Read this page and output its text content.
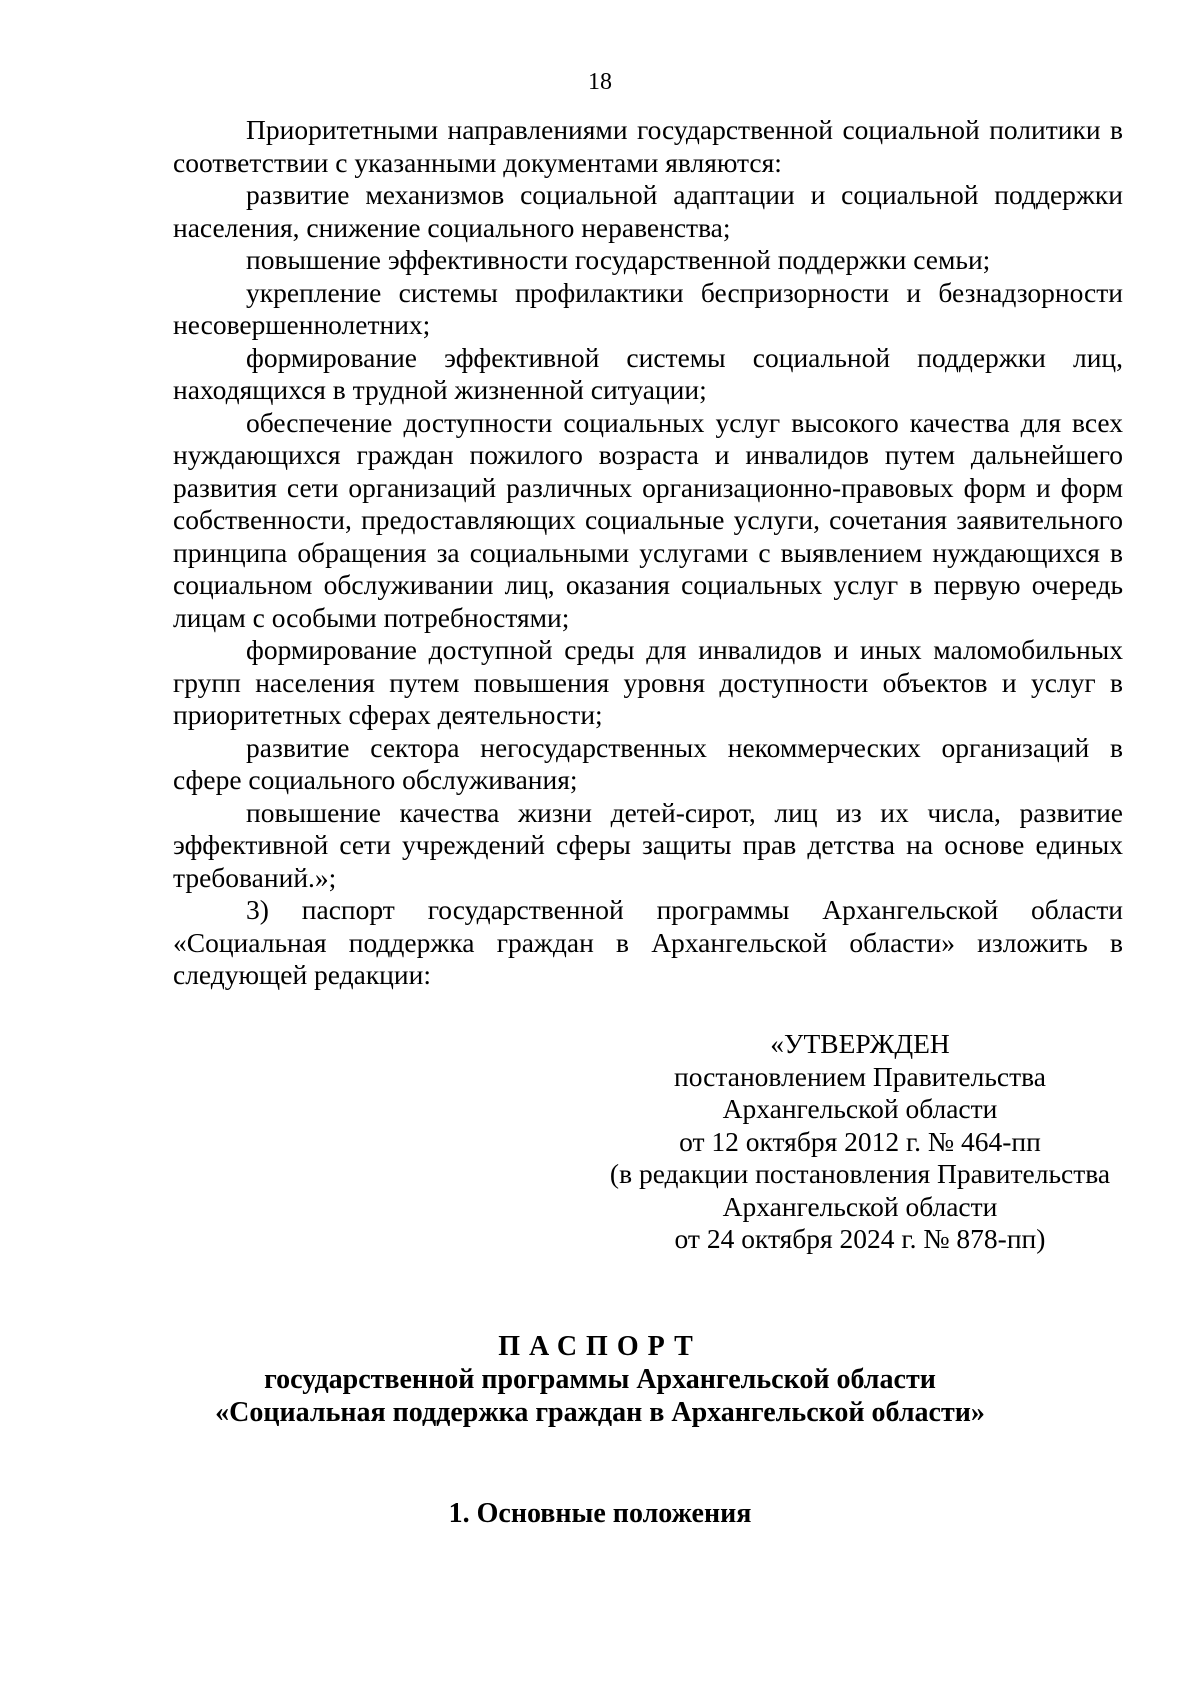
18

Приоритетными направлениями государственной социальной политики в соответствии с указанными документами являются:

развитие механизмов социальной адаптации и социальной поддержки населения, снижение социального неравенства;

повышение эффективности государственной поддержки семьи;

укрепление системы профилактики беспризорности и безнадзорности несовершеннолетних;

формирование эффективной системы социальной поддержки лиц, находящихся в трудной жизненной ситуации;

обеспечение доступности социальных услуг высокого качества для всех нуждающихся граждан пожилого возраста и инвалидов путем дальнейшего развития сети организаций различных организационно-правовых форм и форм собственности, предоставляющих социальные услуги, сочетания заявительного принципа обращения за социальными услугами с выявлением нуждающихся в социальном обслуживании лиц, оказания социальных услуг в первую очередь лицам с особыми потребностями;

формирование доступной среды для инвалидов и иных маломобильных групп населения путем повышения уровня доступности объектов и услуг в приоритетных сферах деятельности;

развитие сектора негосударственных некоммерческих организаций в сфере социального обслуживания;

повышение качества жизни детей-сирот, лиц из их числа, развитие эффективной сети учреждений сферы защиты прав детства на основе единых требований.»;

3) паспорт государственной программы Архангельской области «Социальная поддержка граждан в Архангельской области» изложить в следующей редакции:

«УТВЕРЖДЕН
постановлением Правительства
Архангельской области
от 12 октября 2012 г. № 464-пп
(в редакции постановления Правительства
Архангельской области
от 24 октября 2024 г. № 878-пп)
ПАСПОРТ
государственной программы Архангельской области
«Социальная поддержка граждан в Архангельской области»
1. Основные положения
